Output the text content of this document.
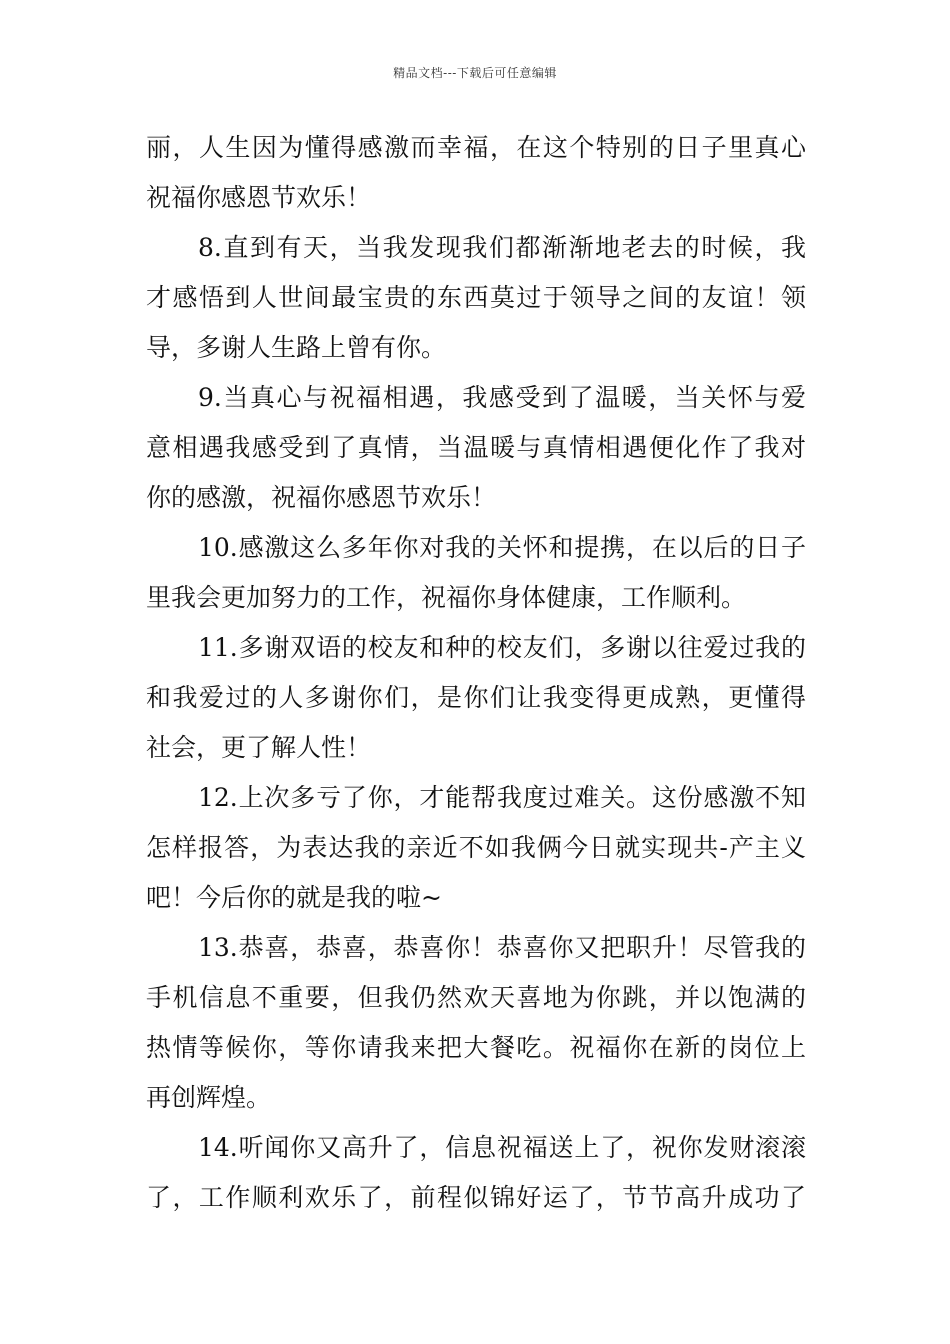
精品文档---下载后可任意编辑
丽，人生因为懂得感激而幸福，在这个特别的日子里真心
祝福你感恩节欢乐！
8.直到有天，当我发现我们都渐渐地老去的时候，我
才感悟到人世间最宝贵的东西莫过于领导之间的友谊！领
导，多谢人生路上曾有你。
9.当真心与祝福相遇，我感受到了温暖，当关怀与爱
意相遇我感受到了真情，当温暖与真情相遇便化作了我对
你的感激，祝福你感恩节欢乐！
10.感激这么多年你对我的关怀和提携，在以后的日子
里我会更加努力的工作，祝福你身体健康，工作顺利。
11.多谢双语的校友和种的校友们，多谢以往爱过我的
和我爱过的人多谢你们，是你们让我变得更成熟，更懂得
社会，更了解人性！
12.上次多亏了你，才能帮我度过难关。这份感激不知
怎样报答，为表达我的亲近不如我俩今日就实现共-产主义
吧！今后你的就是我的啦~
13.恭喜，恭喜，恭喜你！恭喜你又把职升！尽管我的
手机信息不重要，但我仍然欢天喜地为你跳，并以饱满的
热情等候你，等你请我来把大餐吃。祝福你在新的岗位上
再创辉煌。
14.听闻你又高升了，信息祝福送上了，祝你发财滚滚
了，工作顺利欢乐了，前程似锦好运了，节节高升成功了
